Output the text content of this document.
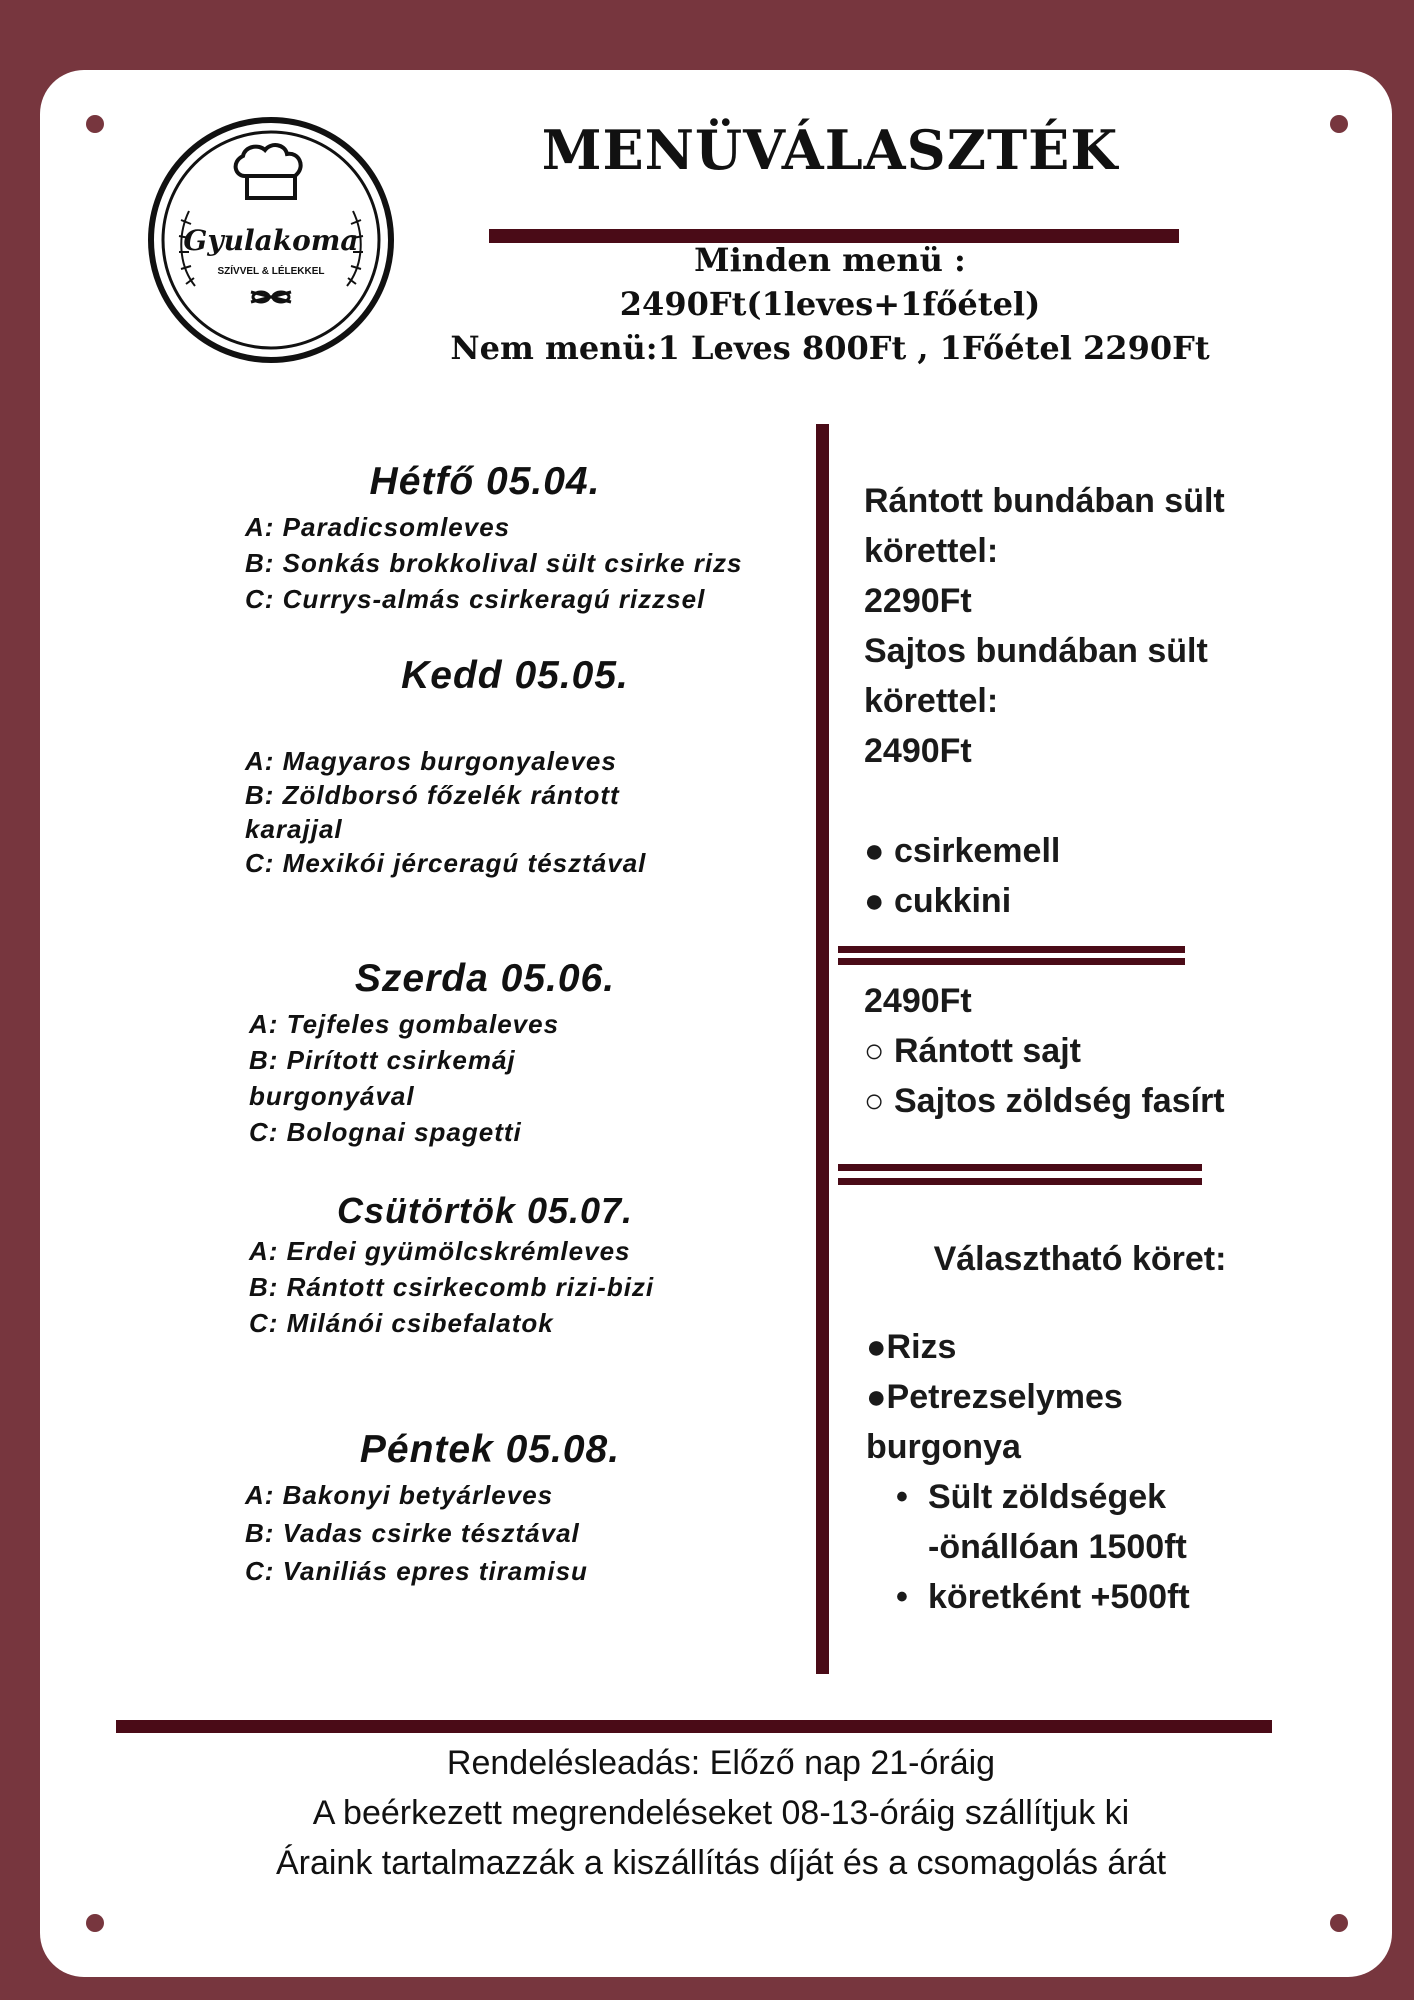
Gyulakoma
SZÍVVEL & LÉLEKKEL
MENÜVÁLASZTÉK
Minden menü :
2490Ft(1leves+1főétel)
Nem menü:1 Leves 800Ft , 1Főétel 2290Ft
Hétfő 05.04.
A: Paradicsomleves
B: Sonkás brokkolival sült csirke rizs
C: Currys-almás csirkeragú rizzsel
Kedd 05.05.
A: Magyaros burgonyaleves
B: Zöldborsó főzelék rántott
karajjal
C: Mexikói jérceragú tésztával
Szerda 05.06.
A: Tejfeles gombaleves
B: Pirított csirkemáj
burgonyával
C: Bolognai spagetti
Csütörtök 05.07.
A: Erdei gyümölcskrémleves
B: Rántott csirkecomb rizi-bizi
C: Milánói csibefalatok
Péntek 05.08.
A: Bakonyi betyárleves
B: Vadas csirke tésztával
C: Vaniliás epres tiramisu
Rántott bundában sült
körettel:
2290Ft
Sajtos bundában sült
körettel:
2490Ft
● csirkemell
● cukkini
2490Ft
○ Rántott sajt
○ Sajtos zöldség fasírt
Választható köret:
●Rizs
●Petrezselymes
burgonya
• Sült zöldségek
-önállóan 1500ft
• köretként +500ft
Rendelésleadás: Előző nap 21-óráig
A beérkezett megrendeléseket 08-13-óráig szállítjuk ki
Áraink tartalmazzák a kiszállítás díját és a csomagolás árát
